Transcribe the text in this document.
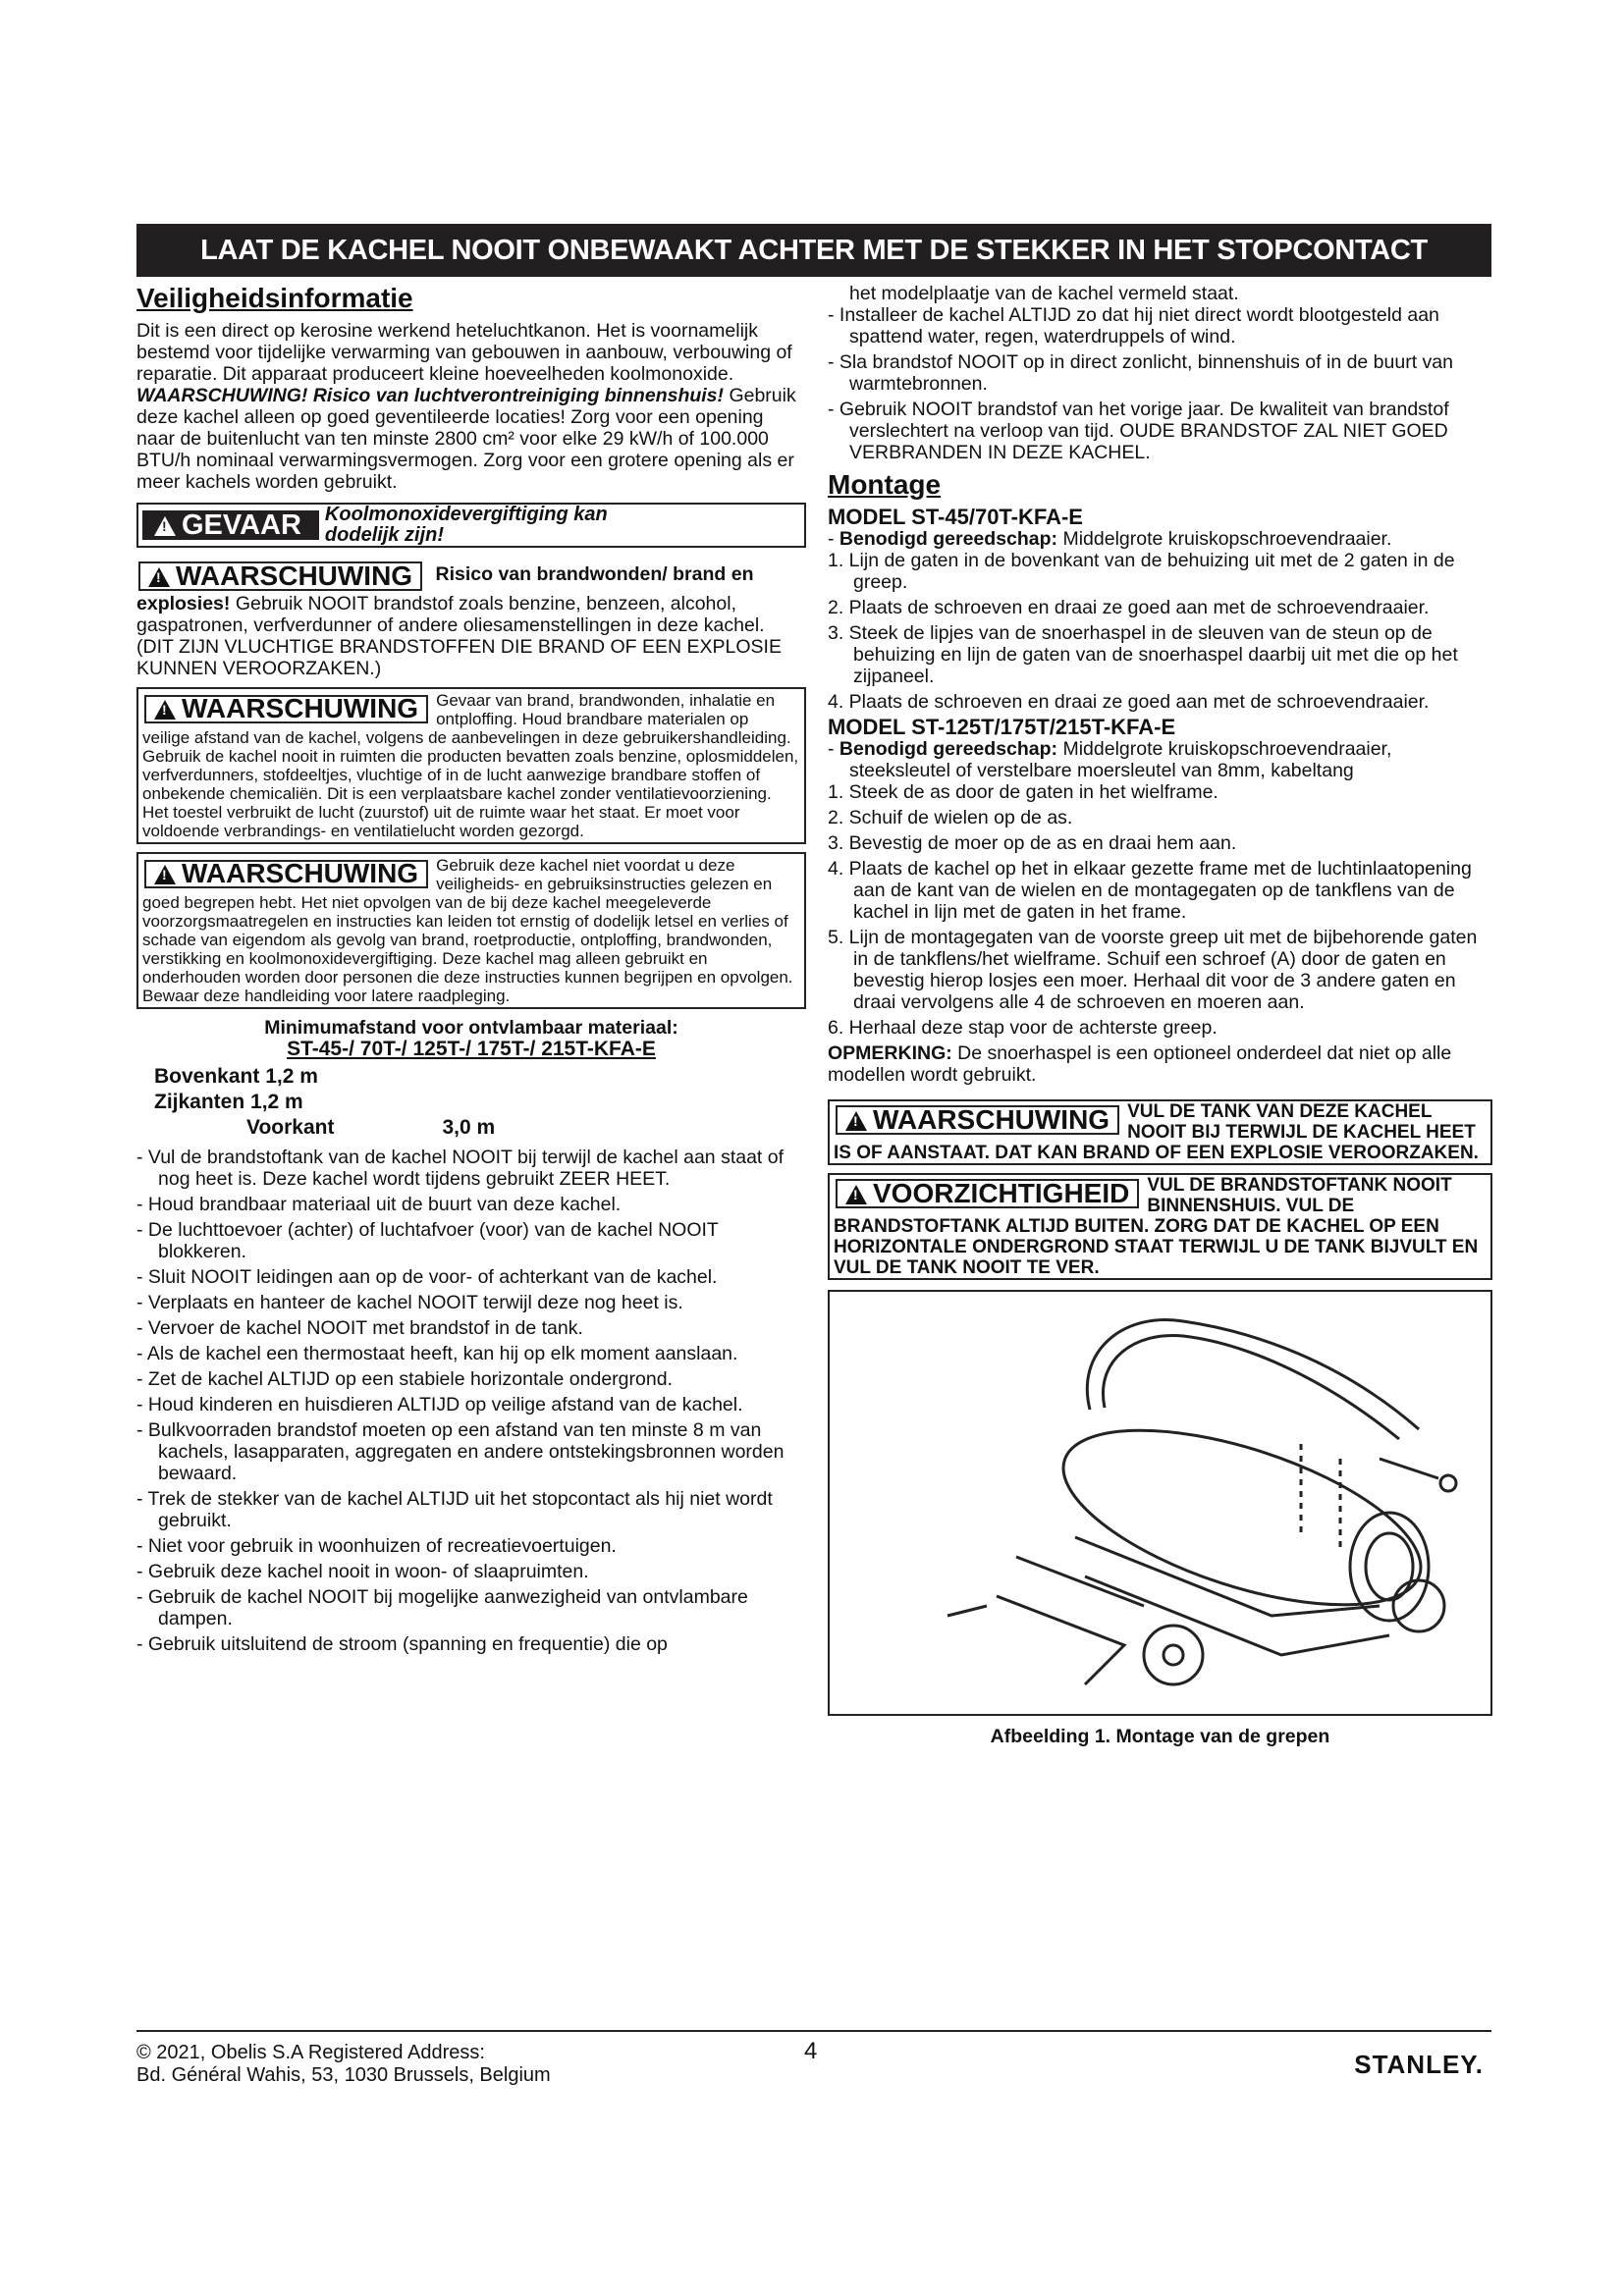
LAAT DE KACHEL NOOIT ONBEWAAKT ACHTER MET DE STEKKER IN HET STOPCONTACT
Veiligheidsinformatie

Dit is een direct op kerosine werkend heteluchtkanon. Het is voornamelijk bestemd voor tijdelijke verwarming van gebouwen in aanbouw, verbouwing of reparatie. Dit apparaat produceert kleine hoeveelheden koolmonoxide. WAARSCHUWING! Risico van luchtverontreiniging binnenshuis! Gebruik deze kachel alleen op goed geventileerde locaties! Zorg voor een opening naar de buitenlucht van ten minste 2800 cm² voor elke 29 kW/h of 100.000 BTU/h nominaal verwarmingsvermogen. Zorg voor een grotere opening als er meer kachels worden gebruikt.

!GEVAAR	Koolmonoxidevergiftiging kan dodelijk zijn!

!WAARSCHUWING Risico van brandwonden/ brand en explosies! Gebruik NOOIT brandstof zoals benzine, benzeen, alcohol, gaspatronen, verfverdunner of andere oliesamenstellingen in deze kachel. (DIT ZIJN VLUCHTIGE BRANDSTOFFEN DIE BRAND OF EEN EXPLOSIE KUNNEN VEROORZAKEN.)

!WAARSCHUWING	Gevaar van brand, brandwonden, inhalatie en ontploffing. Houd brandbare materialen op veilige afstand van de kachel, volgens de aanbevelingen in deze gebruikershandleiding. Gebruik de kachel nooit in ruimten die producten bevatten zoals benzine, oplosmiddelen, verfverdunners, stofdeeltjes, vluchtige of in de lucht aanwezige brandbare stoffen of onbekende chemicaliën. Dit is een verplaatsbare kachel zonder ventilatievoorziening. Het toestel verbruikt de lucht (zuurstof) uit de ruimte waar het staat. Er moet voor voldoende verbrandings- en ventilatielucht worden gezorgd.
!WAARSCHUWING	Gebruik deze kachel niet voordat u deze veiligheids- en gebruiksinstructies gelezen en goed begrepen hebt. Het niet opvolgen van de bij deze kachel meegeleverde voorzorgsmaatregelen en instructies kan leiden tot ernstig of dodelijk letsel en verlies of schade van eigendom als gevolg van brand, roetproductie, ontploffing, brandwonden, verstikking en koolmonoxidevergiftiging. Deze kachel mag alleen gebruikt en onderhouden worden door personen die deze instructies kunnen begrijpen en opvolgen. Bewaar deze handleiding voor latere raadpleging.

Minimumafstand voor ontvlambaar materiaal:

ST-45-/ 70T-/ 125T-/ 175T-/ 215T-KFA-E

Bovenkant 1,2 m

Zijkanten 1,2 m

Voorkant	3,0 m

- Vul de brandstoftank van de kachel NOOIT bij terwijl de kachel aan staat of nog heet is. Deze kachel wordt tijdens gebruikt ZEER HEET.
- Houd brandbaar materiaal uit de buurt van deze kachel.
- De luchttoevoer (achter) of luchtafvoer (voor) van de kachel NOOIT blokkeren.
- Sluit NOOIT leidingen aan op de voor- of achterkant van de kachel.
- Verplaats en hanteer de kachel NOOIT terwijl deze nog heet is.
- Vervoer de kachel NOOIT met brandstof in de tank.
- Als de kachel een thermostaat heeft, kan hij op elk moment aanslaan.
- Zet de kachel ALTIJD op een stabiele horizontale ondergrond.
- Houd kinderen en huisdieren ALTIJD op veilige afstand van de kachel.
- Bulkvoorraden brandstof moeten op een afstand van ten minste 8 m van kachels, lasapparaten, aggregaten en andere ontstekingsbronnen worden bewaard.
- Trek de stekker van de kachel ALTIJD uit het stopcontact als hij niet wordt gebruikt.
- Niet voor gebruik in woonhuizen of recreatievoertuigen.
- Gebruik deze kachel nooit in woon- of slaapruimten.
- Gebruik de kachel NOOIT bij mogelijke aanwezigheid van ontvlambare dampen.
- Gebruik uitsluitend de stroom (spanning en frequentie) die op

het modelplaatje van de kachel vermeld staat.

- Installeer de kachel ALTIJD zo dat hij niet direct wordt blootgesteld aan spattend water, regen, waterdruppels of wind.
- Sla brandstof NOOIT op in direct zonlicht, binnenshuis of in de buurt van warmtebronnen.
- Gebruik NOOIT brandstof van het vorige jaar. De kwaliteit van brandstof verslechtert na verloop van tijd. OUDE BRANDSTOF ZAL NIET GOED VERBRANDEN IN DEZE KACHEL.
Montage

MODEL ST-45/70T-KFA-E

- Benodigd gereedschap: Middelgrote kruiskopschroevendraaier.

1. Lijn de gaten in de bovenkant van de behuizing uit met de 2 gaten in de greep.
2. Plaats de schroeven en draai ze goed aan met de schroevendraaier.
3. Steek de lipjes van de snoerhaspel in de sleuven van de steun op de behuizing en lijn de gaten van de snoerhaspel daarbij uit met die op het zijpaneel.
4. Plaats de schroeven en draai ze goed aan met de schroevendraaier.

MODEL ST-125T/175T/215T-KFA-E

- Benodigd gereedschap: Middelgrote kruiskopschroevendraaier, steeksleutel of verstelbare moersleutel van 8mm, kabeltang

1. Steek de as door de gaten in het wielframe.
2. Schuif de wielen op de as.
3. Bevestig de moer op de as en draai hem aan.
4. Plaats de kachel op het in elkaar gezette frame met de luchtinlaatopening aan de kant van de wielen en de montagegaten op de tankflens van de kachel in lijn met de gaten in het frame.
5. Lijn de montagegaten van de voorste greep uit met de bijbehorende gaten in de tankflens/het wielframe. Schuif een schroef (A) door de gaten en bevestig hierop losjes een moer. Herhaal dit voor de 3 andere gaten en draai vervolgens alle 4 de schroeven en moeren aan.
6. Herhaal deze stap voor de achterste greep.

OPMERKING: De snoerhaspel is een optioneel onderdeel dat niet op alle modellen wordt gebruikt.

!WAARSCHUWING VUL DE TANK VAN DEZE KACHEL NOOIT BIJ TERWIJL DE KACHEL HEET IS OF AANSTAAT. DAT KAN BRAND OF EEN EXPLOSIE VEROORZAKEN.
!VOORZICHTIGHEID VUL DE BRANDSTOFTANK NOOIT BINNENSHUIS. VUL DE BRANDSTOFTANK ALTIJD BUITEN. ZORG DAT DE KACHEL OP EEN HORIZONTALE ONDERGROND STAAT TERWIJL U DE TANK BIJVULT EN VUL DE TANK NOOIT TE VER.

Afbeelding 1. Montage van de grepen

© 2021, Obelis S.A Registered Address:
Bd. Général Wahis, 53, 1030 Brussels, Belgium
4	STANLEY.
